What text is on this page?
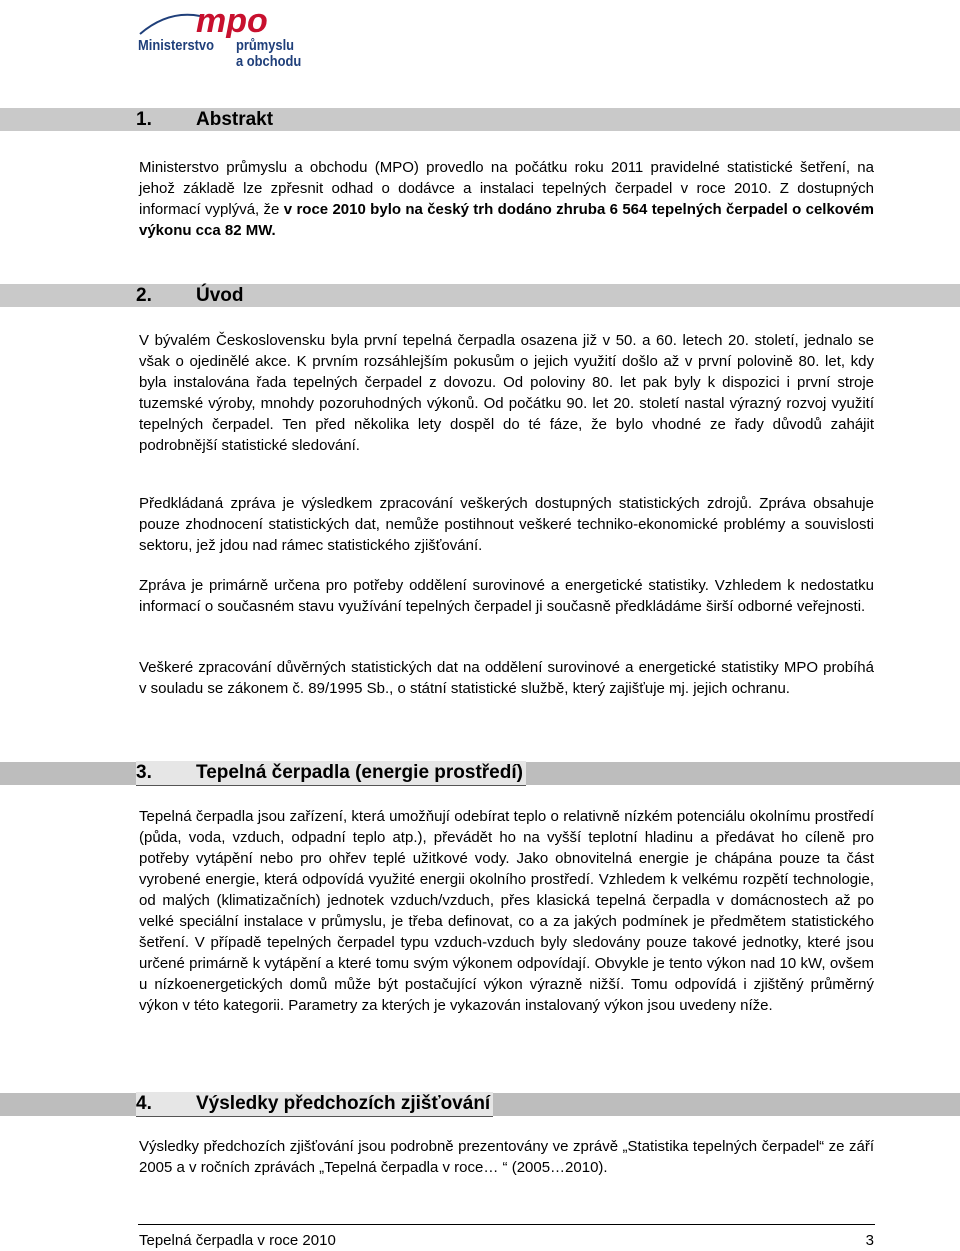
mpo
Ministerstvo průmyslu
a obchodu
1. Abstrakt

Ministerstvo průmyslu a obchodu (MPO) provedlo na počátku roku 2011 pravidelné statistické šetření, na jehož základě lze zpřesnit odhad o dodávce a instalaci tepelných čerpadel v roce 2010. Z dostupných informací vyplývá, že v roce 2010 bylo na český trh dodáno zhruba 6 564 tepelných čerpadel o celkovém výkonu cca 82 MW.

2. Úvod

V bývalém Československu byla první tepelná čerpadla osazena již v 50. a 60. letech 20. století, jednalo se však o ojedinělé akce. K prvním rozsáhlejším pokusům o jejich využití došlo až v první polovině 80. let, kdy byla instalována řada tepelných čerpadel z dovozu. Od poloviny 80. let pak byly k dispozici i první stroje tuzemské výroby, mnohdy pozoruhodných výkonů. Od počátku 90. let 20. století nastal výrazný rozvoj využití tepelných čerpadel. Ten před několika lety dospěl do té fáze, že bylo vhodné ze řady důvodů zahájit podrobnější statistické sledování.

Předkládaná zpráva je výsledkem zpracování veškerých dostupných statistických zdrojů. Zpráva obsahuje pouze zhodnocení statistických dat, nemůže postihnout veškeré techniko-ekonomické problémy a souvislosti sektoru, jež jdou nad rámec statistického zjišťování.

Zpráva je primárně určena pro potřeby oddělení surovinové a energetické statistiky. Vzhledem k nedostatku informací o současném stavu využívání tepelných čerpadel ji současně předkládáme širší odborné veřejnosti.

Veškeré zpracování důvěrných statistických dat na oddělení surovinové a energetické statistiky MPO probíhá v souladu se zákonem č. 89/1995 Sb., o státní statistické službě, který zajišťuje mj. jejich ochranu.

3. Tepelná čerpadla (energie prostředí)

Tepelná čerpadla jsou zařízení, která umožňují odebírat teplo o relativně nízkém potenciálu okolnímu prostředí (půda, voda, vzduch, odpadní teplo atp.), převádět ho na vyšší teplotní hladinu a předávat ho cíleně pro potřeby vytápění nebo pro ohřev teplé užitkové vody. Jako obnovitelná energie je chápána pouze ta část vyrobené energie, která odpovídá využité energii okolního prostředí. Vzhledem k velkému rozpětí technologie, od malých (klimatizačních) jednotek vzduch/vzduch, přes klasická tepelná čerpadla v domácnostech až po velké speciální instalace v průmyslu, je třeba definovat, co a za jakých podmínek je předmětem statistického šetření. V případě tepelných čerpadel typu vzduch-vzduch byly sledovány pouze takové jednotky, které jsou určené primárně k vytápění a které tomu svým výkonem odpovídají. Obvykle je tento výkon nad 10 kW, ovšem u nízkoenergetických domů může být postačující výkon výrazně nižší. Tomu odpovídá i zjištěný průměrný výkon v této kategorii. Parametry za kterých je vykazován instalovaný výkon jsou uvedeny níže.

4. Výsledky předchozích zjišťování

Výsledky předchozích zjišťování jsou podrobně prezentovány ve zprávě „Statistika tepelných čerpadel“ ze září 2005 a v ročních zprávách „Tepelná čerpadla v roce… “ (2005…2010).

Tepelná čerpadla v roce 2010	3
